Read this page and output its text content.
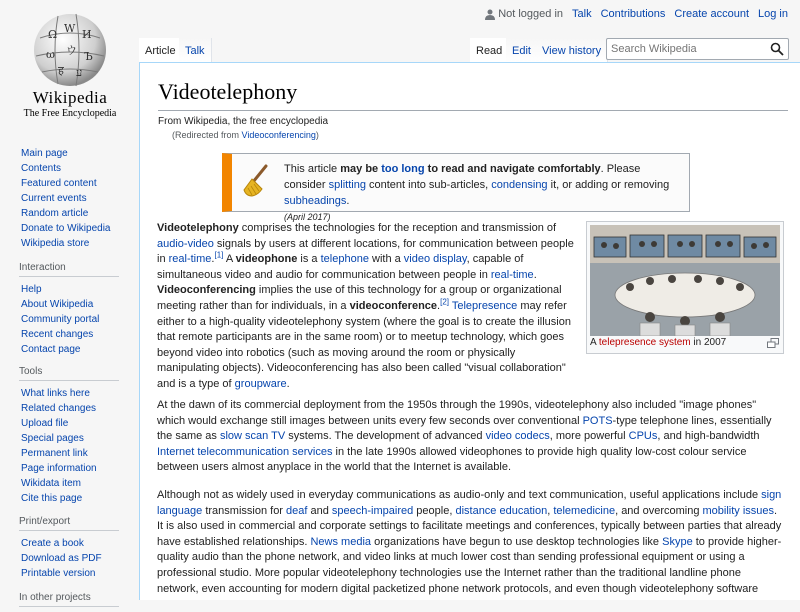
Ω W И
ω ウ Ъ
ह ע
Wikipedia
The Free Encyclopedia
Not logged in Talk Contributions Create account Log in
Article Talk	Read Edit	View history
Search Wikipedia
Main page
Contents
Featured content
Current events
Random article
Donate to Wikipedia
Wikipedia store
Interaction
Help
About Wikipedia
Community portal
Recent changes
Contact page
Tools
What links here
Related changes
Upload file
Special pages
Permanent link
Page information
Wikidata item
Cite this page
Print/export
Create a book
Download as PDF
Printable version
In other projects
Videotelephony
From Wikipedia, the free encyclopedia
(Redirected from Videoconferencing)
This article may be too long to read and navigate comfortably. Please consider splitting content into sub-articles, condensing it, or adding or removing subheadings.
(April 2017)
A telepresence system in 2007

Videotelephony comprises the technologies for the reception and transmission of audio-video signals by users at different locations, for communication between people in real-time.[1] A videophone is a telephone with a video display, capable of simultaneous video and audio for communication between people in real-time. Videoconferencing implies the use of this technology for a group or organizational meeting rather than for individuals, in a videoconference.[2] Telepresence may refer either to a high-quality videotelephony system (where the goal is to create the illusion that remote participants are in the same room) or to meetup technology, which goes beyond video into robotics (such as moving around the room or physically manipulating objects). Videoconferencing has also been called "visual collaboration" and is a type of groupware.

At the dawn of its commercial deployment from the 1950s through the 1990s, videotelephony also included "image phones" which would exchange still images between units every few seconds over conventional POTS-type telephone lines, essentially the same as slow scan TV systems. The development of advanced video codecs, more powerful CPUs, and high-bandwidth Internet telecommunication services in the late 1990s allowed videophones to provide high quality low-cost colour service between users almost anyplace in the world that the Internet is available.

Although not as widely used in everyday communications as audio-only and text communication, useful applications include sign language transmission for deaf and speech-impaired people, distance education, telemedicine, and overcoming mobility issues. It is also used in commercial and corporate settings to facilitate meetings and conferences, typically between parties that already have established relationships. News media organizations have begun to use desktop technologies like Skype to provide higher-quality audio than the phone network, and video links at much lower cost than sending professional equipment or using a professional studio. More popular videotelephony technologies use the Internet rather than the traditional landline phone network, even accounting for modern digital packetized phone network protocols, and even though videotelephony software
